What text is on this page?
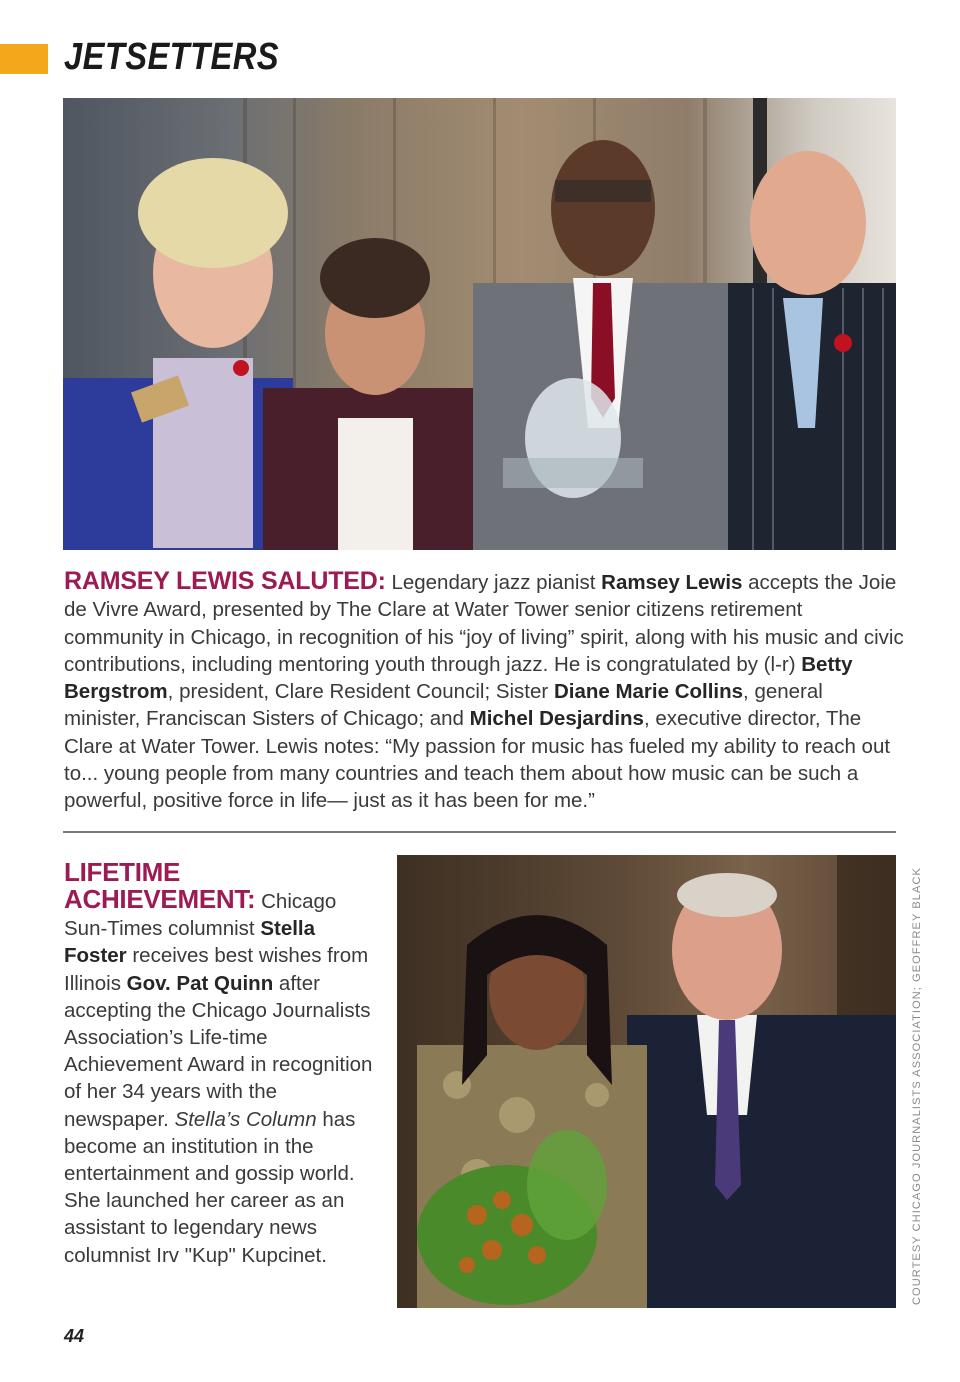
JETSETTERS

RAMSEY LEWIS SALUTED: Legendary jazz pianist Ramsey Lewis accepts the Joie de Vivre Award, presented by The Clare at Water Tower senior citizens retirement community in Chicago, in recognition of his “joy of living” spirit, along with his music and civic contributions, including mentoring youth through jazz. He is congratulated by (l-r) Betty Bergstrom, president, Clare Resident Council; Sister Diane Marie Collins, general minister, Franciscan Sisters of Chicago; and Michel Desjardins, executive director, The Clare at Water Tower. Lewis notes: “My passion for music has fueled my ability to reach out to... young people from many countries and teach them about how music can be such a powerful, positive force in life— just as it has been for me.”

LIFETIME
ACHIEVEMENT: Chicago Sun-Times columnist Stella Foster receives best wishes from Illinois Gov. Pat Quinn after accepting the Chicago Journalists Association’s Life-time Achievement Award in recognition of her 34 years with the newspaper. Stella’s Column has become an institution in the entertainment and gossip world. She launched her career as an assistant to legendary news columnist Irv "Kup" Kupcinet.	COURTESY CHICAGO JOURNALISTS ASSOCIATION; GEOFFREY BLACK
44
